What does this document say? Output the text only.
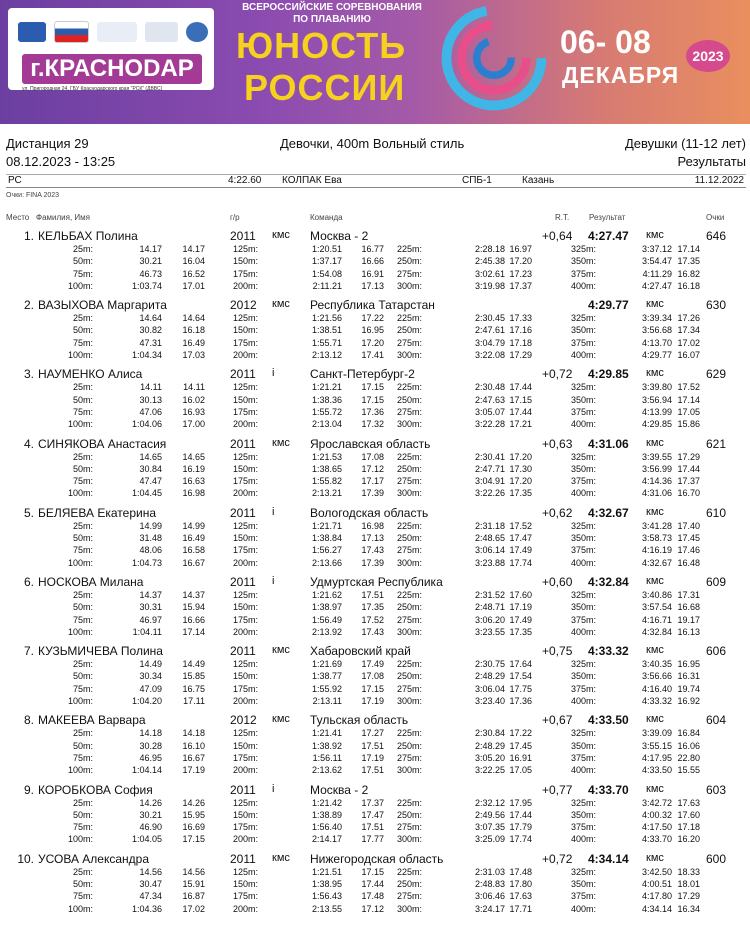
г.КРАСНОDАР
ул. Пригородная 24, ГБУ Краснодарского края "РСК" (ДВВС)
ВСЕРОССИЙСКИЕ СОРЕВНОВАНИЯ
ПО ПЛАВАНИЮ
ЮНОСТЬ
РОССИИ
06- 08
ДЕКАБРЯ
2023
Дистанция 29	Девочки, 400m Вольный стиль	Девушки (11-12 лет)
08.12.2023 - 13:25	Результаты
РС	4:22.60 КОЛПАК Ева	СПБ-1	Казань	11.12.2022
Очки: FINA 2023
Место Фамилия, Имя	г/р	Команда	R.T. Результат	Очки
1. КЕЛЬБАХ Полина	2011 кмс Москва - 2	+0,64 4:27.47 кмс	646
25m:	14.17 14.17	125m:	1:20.51 16.77 225m:	2:28.18 16.97	325m:	3:37.12 17.14
50m:	30.21 16.04	150m:	1:37.17 16.66 250m:	2:45.38 17.20	350m:	3:54.47 17.35
75m:	46.73 16.52	175m:	1:54.08 16.91 275m:	3:02.61 17.23	375m:	4:11.29 16.82
100m:	1:03.74 17.01	200m:	2:11.21 17.13 300m:	3:19.98 17.37	400m:	4:27.47 16.18
2. ВАЗЫХОВА Маргарита	2012 кмс Республика Татарстан	4:29.77 кмс	630
25m:	14.64 14.64	125m:	1:21.56 17.22 225m:	2:30.45 17.33	325m:	3:39.34 17.26
50m:	30.82 16.18	150m:	1:38.51 16.95 250m:	2:47.61 17.16	350m:	3:56.68 17.34
75m:	47.31 16.49	175m:	1:55.71 17.20 275m:	3:04.79 17.18	375m:	4:13.70 17.02
100m:	1:04.34 17.03	200m:	2:13.12 17.41 300m:	3:22.08 17.29	400m:	4:29.77 16.07
3. НАУМЕНКО Алиса	2011 i	Санкт-Петербург-2	+0,72 4:29.85 кмс	629
25m:	14.11 14.11	125m:	1:21.21 17.15 225m:	2:30.48 17.44	325m:	3:39.80 17.52
50m:	30.13 16.02	150m:	1:38.36 17.15 250m:	2:47.63 17.15	350m:	3:56.94 17.14
75m:	47.06 16.93	175m:	1:55.72 17.36 275m:	3:05.07 17.44	375m:	4:13.99 17.05
100m:	1:04.06 17.00	200m:	2:13.04 17.32 300m:	3:22.28 17.21	400m:	4:29.85 15.86
4. СИНЯКОВА Анастасия	2011 кмс Ярославская область	+0,63 4:31.06 кмс	621
25m:	14.65 14.65	125m:	1:21.53 17.08 225m:	2:30.41 17.20	325m:	3:39.55 17.29
50m:	30.84 16.19	150m:	1:38.65 17.12 250m:	2:47.71 17.30	350m:	3:56.99 17.44
75m:	47.47 16.63	175m:	1:55.82 17.17 275m:	3:04.91 17.20	375m:	4:14.36 17.37
100m:	1:04.45 16.98	200m:	2:13.21 17.39 300m:	3:22.26 17.35	400m:	4:31.06 16.70
5. БЕЛЯЕВА Екатерина	2011 i	Вологодская область	+0,62 4:32.67 кмс	610
25m:	14.99 14.99	125m:	1:21.71 16.98 225m:	2:31.18 17.52	325m:	3:41.28 17.40
50m:	31.48 16.49	150m:	1:38.84 17.13 250m:	2:48.65 17.47	350m:	3:58.73 17.45
75m:	48.06 16.58	175m:	1:56.27 17.43 275m:	3:06.14 17.49	375m:	4:16.19 17.46
100m:	1:04.73 16.67	200m:	2:13.66 17.39 300m:	3:23.88 17.74	400m:	4:32.67 16.48
6. НОСКОВА Милана	2011 i	Удмуртская Республика	+0,60 4:32.84 кмс	609
25m:	14.37 14.37	125m:	1:21.62 17.51 225m:	2:31.52 17.60	325m:	3:40.86 17.31
50m:	30.31 15.94	150m:	1:38.97 17.35 250m:	2:48.71 17.19	350m:	3:57.54 16.68
75m:	46.97 16.66	175m:	1:56.49 17.52 275m:	3:06.20 17.49	375m:	4:16.71 19.17
100m:	1:04.11 17.14	200m:	2:13.92 17.43 300m:	3:23.55 17.35	400m:	4:32.84 16.13
7. КУЗЬМИЧЕВА Полина	2011 кмс Хабаровский край	+0,75 4:33.32 кмс	606
25m:	14.49 14.49	125m:	1:21.69 17.49 225m:	2:30.75 17.64	325m:	3:40.35 16.95
50m:	30.34 15.85	150m:	1:38.77 17.08 250m:	2:48.29 17.54	350m:	3:56.66 16.31
75m:	47.09 16.75	175m:	1:55.92 17.15 275m:	3:06.04 17.75	375m:	4:16.40 19.74
100m:	1:04.20 17.11	200m:	2:13.11 17.19 300m:	3:23.40 17.36	400m:	4:33.32 16.92
8. МАКЕЕВА Варвара	2012 кмс Тульская область	+0,67 4:33.50 кмс	604
25m:	14.18 14.18	125m:	1:21.41 17.27 225m:	2:30.84 17.22	325m:	3:39.09 16.84
50m:	30.28 16.10	150m:	1:38.92 17.51 250m:	2:48.29 17.45	350m:	3:55.15 16.06
75m:	46.95 16.67	175m:	1:56.11 17.19 275m:	3:05.20 16.91	375m:	4:17.95 22.80
100m:	1:04.14 17.19	200m:	2:13.62 17.51 300m:	3:22.25 17.05	400m:	4:33.50 15.55
9. КОРОБКОВА София	2011 i	Москва - 2	+0,77 4:33.70 кмс	603
25m:	14.26 14.26	125m:	1:21.42 17.37 225m:	2:32.12 17.95	325m:	3:42.72 17.63
50m:	30.21 15.95	150m:	1:38.89 17.47 250m:	2:49.56 17.44	350m:	4:00.32 17.60
75m:	46.90 16.69	175m:	1:56.40 17.51 275m:	3:07.35 17.79	375m:	4:17.50 17.18
100m:	1:04.05 17.15	200m:	2:14.17 17.77 300m:	3:25.09 17.74	400m:	4:33.70 16.20
10. УСОВА Александра	2011 кмс Нижегородская область	+0,72 4:34.14 кмс	600
25m:	14.56 14.56	125m:	1:21.51 17.15 225m:	2:31.03 17.48	325m:	3:42.50 18.33
50m:	30.47 15.91	150m:	1:38.95 17.44 250m:	2:48.83 17.80	350m:	4:00.51 18.01
75m:	47.34 16.87	175m:	1:56.43 17.48 275m:	3:06.46 17.63	375m:	4:17.80 17.29
100m:	1:04.36 17.02	200m:	2:13.55 17.12 300m:	3:24.17 17.71	400m:	4:34.14 16.34
